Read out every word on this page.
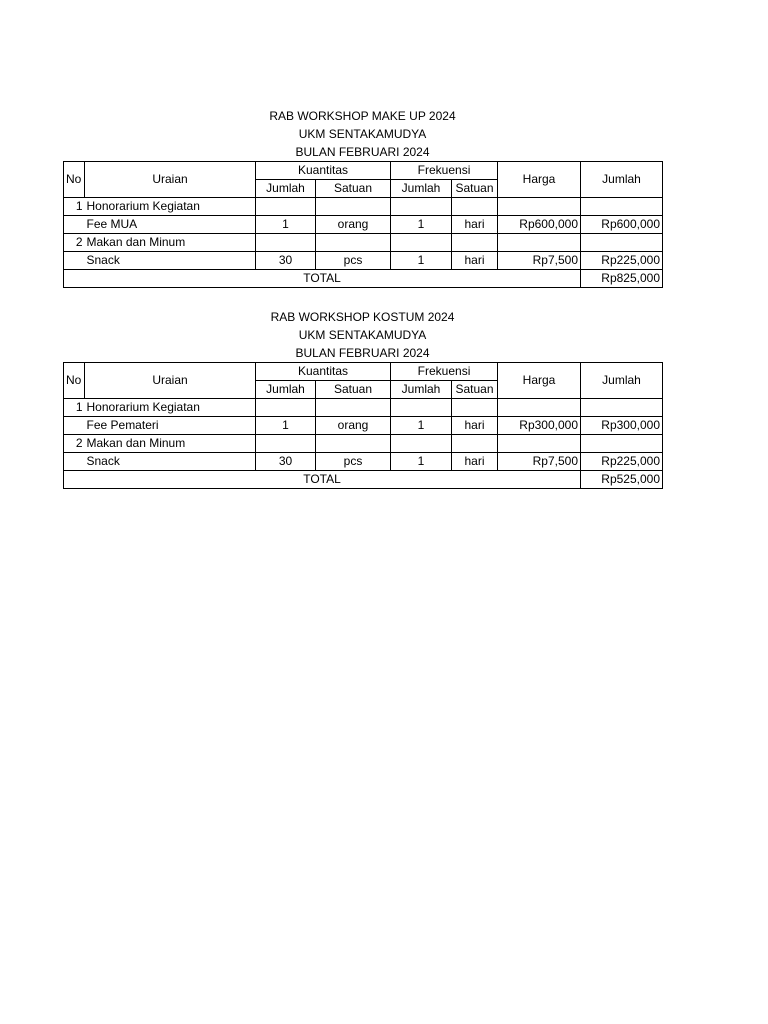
RAB WORKSHOP MAKE UP 2024
UKM SENTAKAMUDYA
BULAN FEBRUARI 2024
No	Uraian	Kuantitas		Frekuensi		Harga	Jumlah
		Jumlah	Satuan	Jumlah	Satuan		
1	Honorarium Kegiatan						
	Fee MUA	1	orang	1	hari	Rp600,000	Rp600,000
2	Makan dan Minum						
	Snack	30	pcs	1	hari	Rp7,500	Rp225,000
TOTAL							Rp825,000
RAB WORKSHOP KOSTUM 2024
UKM SENTAKAMUDYA
BULAN FEBRUARI 2024
No	Uraian	Kuantitas		Frekuensi		Harga	Jumlah
		Jumlah	Satuan	Jumlah	Satuan		
1	Honorarium Kegiatan						
	Fee Pemateri	1	orang	1	hari	Rp300,000	Rp300,000
2	Makan dan Minum						
	Snack	30	pcs	1	hari	Rp7,500	Rp225,000
TOTAL							Rp525,000
